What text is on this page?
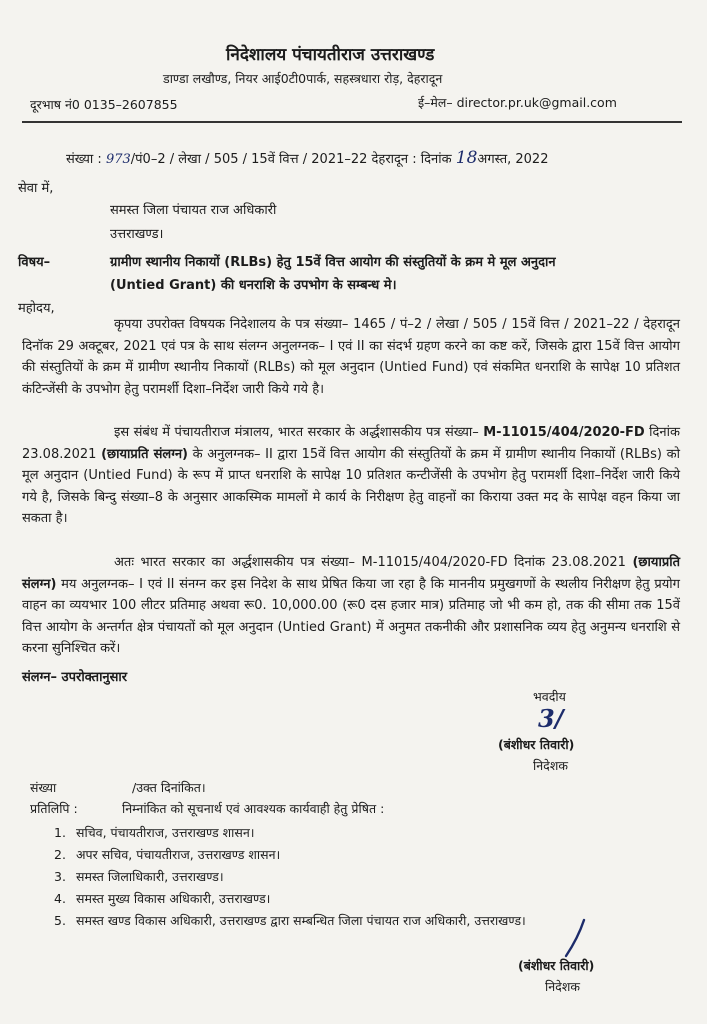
निदेशालय पंचायतीराज उत्तराखण्ड
डाण्डा लखौण्ड, नियर आई0टी0पार्क, सहस्त्रधारा रोड़, देहरादून
दूरभाष नं0 0135–2607855	ई–मेल– director.pr.uk@gmail.com
संख्या : 973/पं0–2 / लेखा / 505 / 15वें वित्त / 2021–22 देहरादून : दिनांक 18अगस्त, 2022
सेवा में,
समस्त जिला पंचायत राज अधिकारी
उत्तराखण्ड।
विषय–	ग्रामीण स्थानीय निकायों (RLBs) हेतु 15वें वित्त आयोग की संस्तुतियों के क्रम मे मूल अनुदान
(Untied Grant) की धनराशि के उपभोग के सम्बन्ध मे।
महोदय,
कृपया उपरोक्त विषयक निदेशालय के पत्र संख्या– 1465 / पं–2 / लेखा / 505 / 15वें वित्त / 2021–22 / देहरादून दिनॉक 29 अक्टूबर, 2021 एवं पत्र के साथ संलग्न अनुलग्नक– I एवं II का संदर्भ ग्रहण करने का कष्ट करें, जिसके द्वारा 15वें वित्त आयोग की संस्तुतियों के क्रम में ग्रामीण स्थानीय निकायों (RLBs) को मूल अनुदान (Untied Fund) एवं संकमित धनराशि के सापेक्ष 10 प्रतिशत कंटिन्जेंसी के उपभोग हेतु परामर्शी दिशा–निर्देश जारी किये गये है।
इस संबंध में पंचायतीराज मंत्रालय, भारत सरकार के अर्द्धशासकीय पत्र संख्या– M-11015/404/2020-FD दिनांक 23.08.2021 (छायाप्रति संलग्न) के अनुलग्नक– II द्वारा 15वें वित्त आयोग की संस्तुतियों के क्रम में ग्रामीण स्थानीय निकायों (RLBs) को मूल अनुदान (Untied Fund) के रूप में प्राप्त धनराशि के सापेक्ष 10 प्रतिशत कन्टीजेंसी के उपभोग हेतु परामर्शी दिशा–निर्देश जारी किये गये है, जिसके बिन्दु संख्या–8 के अनुसार आकस्मिक मामलों मे कार्य के निरीक्षण हेतु वाहनों का किराया उक्त मद के सापेक्ष वहन किया जा सकता है।
अतः भारत सरकार का अर्द्धशासकीय पत्र संख्या– M-11015/404/2020-FD दिनांक 23.08.2021 (छायाप्रति संलग्न) मय अनुलग्नक– I एवं II संनग्न कर इस निदेश के साथ प्रेषित किया जा रहा है कि माननीय प्रमुखगणों के स्थलीय निरीक्षण हेतु प्रयोग वाहन का व्ययभार 100 लीटर प्रतिमाह अथवा रू0. 10,000.00 (रू0 दस हजार मात्र) प्रतिमाह जो भी कम हो, तक की सीमा तक 15वें वित्त आयोग के अन्तर्गत क्षेत्र पंचायतों को मूल अनुदान (Untied Grant) में अनुमत तकनीकी और प्रशासनिक व्यय हेतु अनुमन्य धनराशि से करना सुनिश्चित करें।
संलग्न– उपरोक्तानुसार
भवदीय
3/
(बंशीधर तिवारी)
निदेशक
संख्या	/उक्त दिनांकित।
प्रतिलिपि :	निम्नांकित को सूचनार्थ एवं आवश्यक कार्यवाही हेतु प्रेषित :
1. सचिव, पंचायतीराज, उत्तराखण्ड शासन।
2. अपर सचिव, पंचायतीराज, उत्तराखण्ड शासन।
3. समस्त जिलाधिकारी, उत्तराखण्ड।
4. समस्त मुख्य विकास अधिकारी, उत्तराखण्ड।
5. समस्त खण्ड विकास अधिकारी, उत्तराखण्ड द्वारा सम्बन्धित जिला पंचायत राज अधिकारी, उत्तराखण्ड।
(बंशीधर तिवारी)
निदेशक
